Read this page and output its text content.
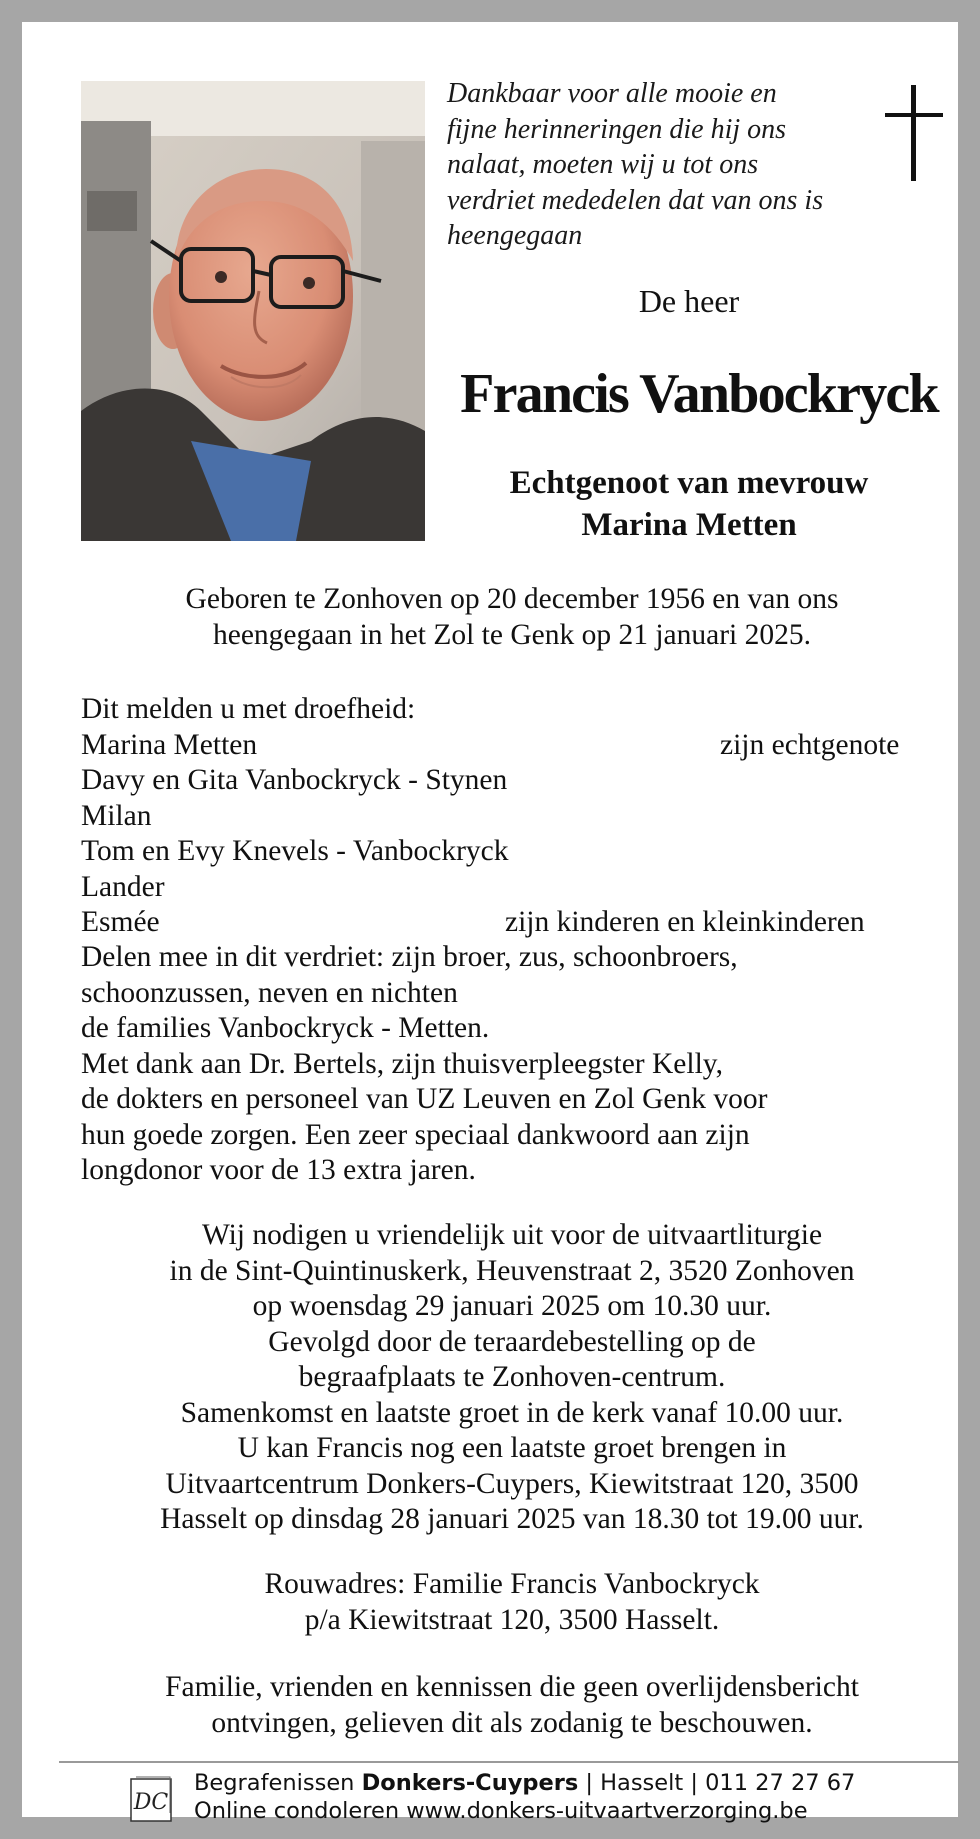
Dankbaar voor alle mooie en
fijne herinneringen die hij ons
nalaat, moeten wij u tot ons
verdriet mededelen dat van ons is
heengegaan
De heer
Francis Vanbockryck
Echtgenoot van mevrouw
Marina Metten
Geboren te Zonhoven op 20 december 1956 en van ons
heengegaan in het Zol te Genk op 21 januari 2025.
Dit melden u met droefheid:
Marina Metten	zijn echtgenote
Davy en Gita Vanbockryck - Stynen
Milan
Tom en Evy Knevels - Vanbockryck
Lander
Esmée	zijn kinderen en kleinkinderen
Delen mee in dit verdriet: zijn broer, zus, schoonbroers,
schoonzussen, neven en nichten
de families Vanbockryck - Metten.
Met dank aan Dr. Bertels, zijn thuisverpleegster Kelly,
de dokters en personeel van UZ Leuven en Zol Genk voor
hun goede zorgen. Een zeer speciaal dankwoord aan zijn
longdonor voor de 13 extra jaren.
Wij nodigen u vriendelijk uit voor de uitvaartliturgie
in de Sint-Quintinuskerk, Heuvenstraat 2, 3520 Zonhoven
op woensdag 29 januari 2025 om 10.30 uur.
Gevolgd door de teraardebestelling op de
begraafplaats te Zonhoven-centrum.
Samenkomst en laatste groet in de kerk vanaf 10.00 uur.
U kan Francis nog een laatste groet brengen in
Uitvaartcentrum Donkers-Cuypers, Kiewitstraat 120, 3500
Hasselt op dinsdag 28 januari 2025 van 18.30 tot 19.00 uur.
Rouwadres: Familie Francis Vanbockryck
p/a Kiewitstraat 120, 3500 Hasselt.
Familie, vrienden en kennissen die geen overlijdensbericht
ontvingen, gelieven dit als zodanig te beschouwen.
DC
Begrafenissen Donkers-Cuypers | Hasselt | 011 27 27 67
Online condoleren www.donkers-uitvaartverzorging.be
